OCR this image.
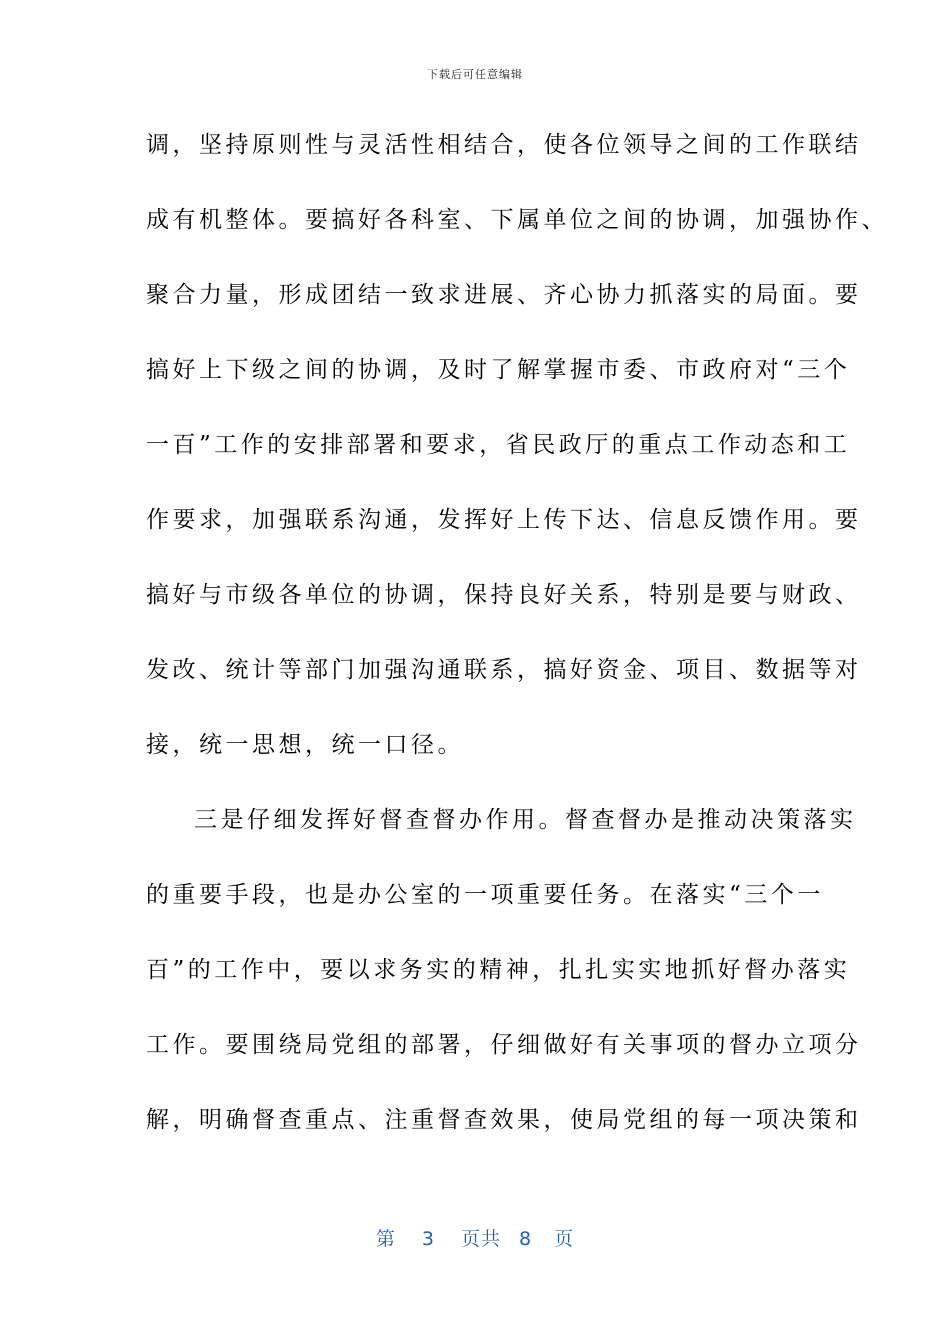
下载后可任意编辑
调，坚持原则性与灵活性相结合，使各位领导之间的工作联结
成有机整体。要搞好各科室、下属单位之间的协调，加强协作、
聚合力量，形成团结一致求进展、齐心协力抓落实的局面。要
搞好上下级之间的协调，及时了解掌握市委、市政府对“三个
一百”工作的安排部署和要求，省民政厅的重点工作动态和工
作要求，加强联系沟通，发挥好上传下达、信息反馈作用。要
搞好与市级各单位的协调，保持良好关系，特别是要与财政、
发改、统计等部门加强沟通联系，搞好资金、项目、数据等对
接，统一思想，统一口径。
三是仔细发挥好督查督办作用。督查督办是推动决策落实
的重要手段，也是办公室的一项重要任务。在落实“三个一
百”的工作中，要以求务实的精神，扎扎实实地抓好督办落实
工作。要围绕局党组的部署，仔细做好有关事项的督办立项分
解，明确督查重点、注重督查效果，使局党组的每一项决策和
第 3 页共 8 页
